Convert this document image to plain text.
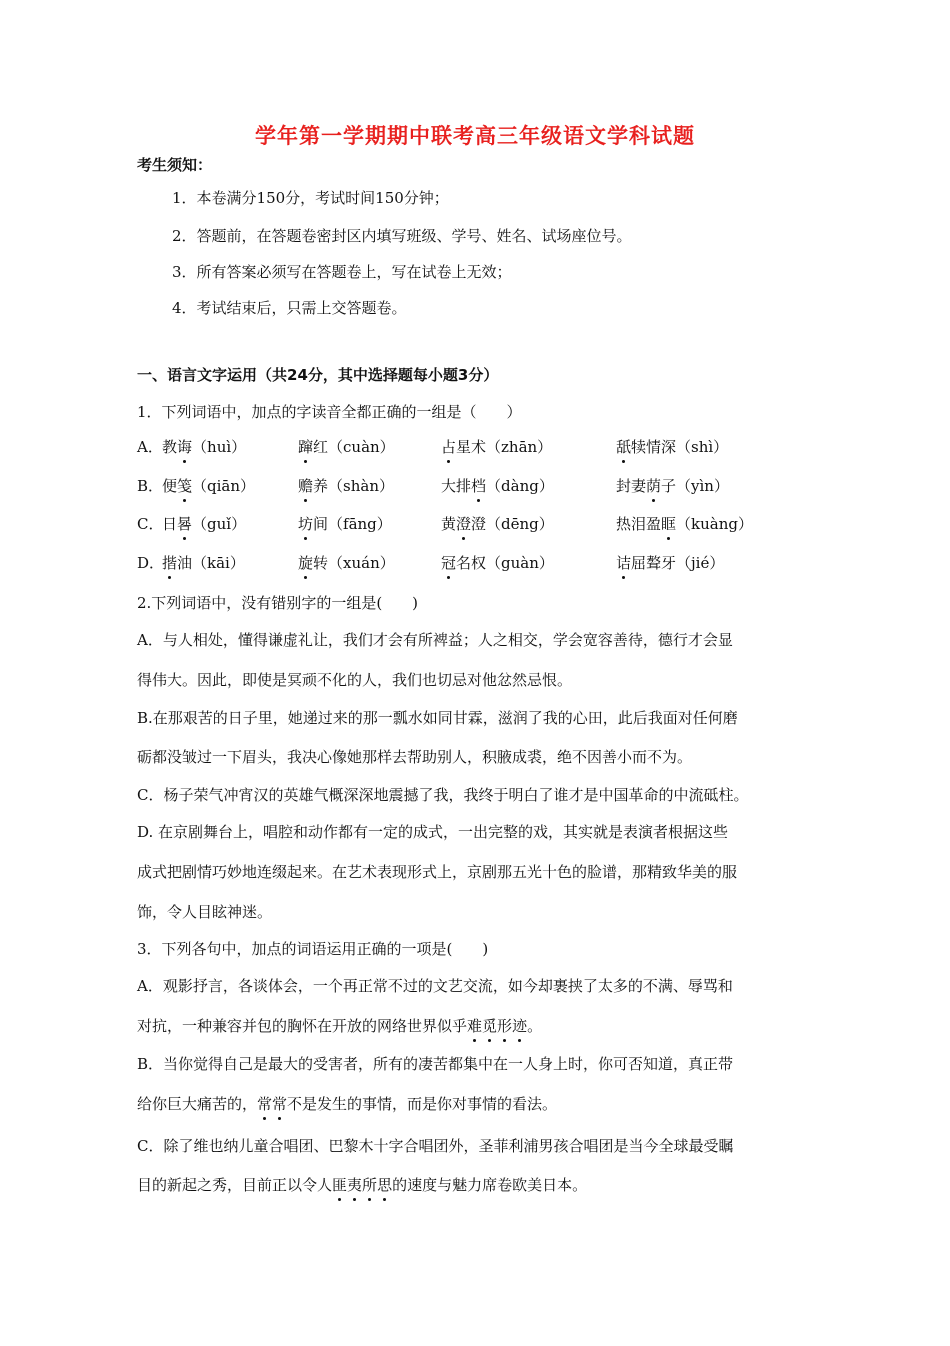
学年第一学期期中联考高三年级语文学科试题
考生须知：
1．本卷满分150分，考试时间150分钟；
2．答题前，在答题卷密封区内填写班级、学号、姓名、试场座位号。
3．所有答案必须写在答题卷上，写在试卷上无效；
4．考试结束后，只需上交答题卷。
一、语言文字运用（共24分，其中选择题每小题3分）
1．下列词语中，加点的字读音全都正确的一组是（　　）
A． 教诲（huì）	蹿红（cuàn）	占星术（zhān）	舐犊情深（shì）
B．
便笺（qiān）	赡养（shàn）	大排档（dàng）	封妻荫子（yìn）
C．
日晷（guǐ）	坊间（fāng）	黄澄澄（dēng）	热泪盈眶（kuàng）
D．
揩油（kāi）	旋转（xuán）	冠名权（guàn）	诘屈聱牙（jié）
2.下列词语中，没有错别字的一组是(　　)
A．与人相处，懂得谦虚礼让，我们才会有所裨益；人之相交，学会宽容善待，德行才会显
得伟大。因此，即使是冥顽不化的人，我们也切忌对他忿然忌恨。
B.在那艰苦的日子里，她递过来的那一瓢水如同甘霖，滋润了我的心田，此后我面对任何磨
砺都没皱过一下眉头，我决心像她那样去帮助别人，积腋成裘，绝不因善小而不为。
C．杨子荣气冲宵汉的英雄气概深深地震撼了我，我终于明白了谁才是中国革命的中流砥柱。
D. 在京剧舞台上，唱腔和动作都有一定的成式，一出完整的戏，其实就是表演者根据这些
成式把剧情巧妙地连缀起来。在艺术表现形式上，京剧那五光十色的脸谱，那精致华美的服
饰，令人目眩神迷。
3．下列各句中，加点的词语运用正确的一项是(　　)
A．观影抒言，各谈体会，一个再正常不过的文艺交流，如今却裹挟了太多的不满、辱骂和
对抗，一种兼容并包的胸怀在开放的网络世界似乎难觅形迹。
B．当你觉得自己是最大的受害者，所有的凄苦都集中在一人身上时，你可否知道，真正带
给你巨大痛苦的，常常不是发生的事情，而是你对事情的看法。
C．除了维也纳儿童合唱团、巴黎木十字合唱团外，圣菲利浦男孩合唱团是当今全球最受瞩
目的新起之秀，目前正以令人匪夷所思的速度与魅力席卷欧美日本。
